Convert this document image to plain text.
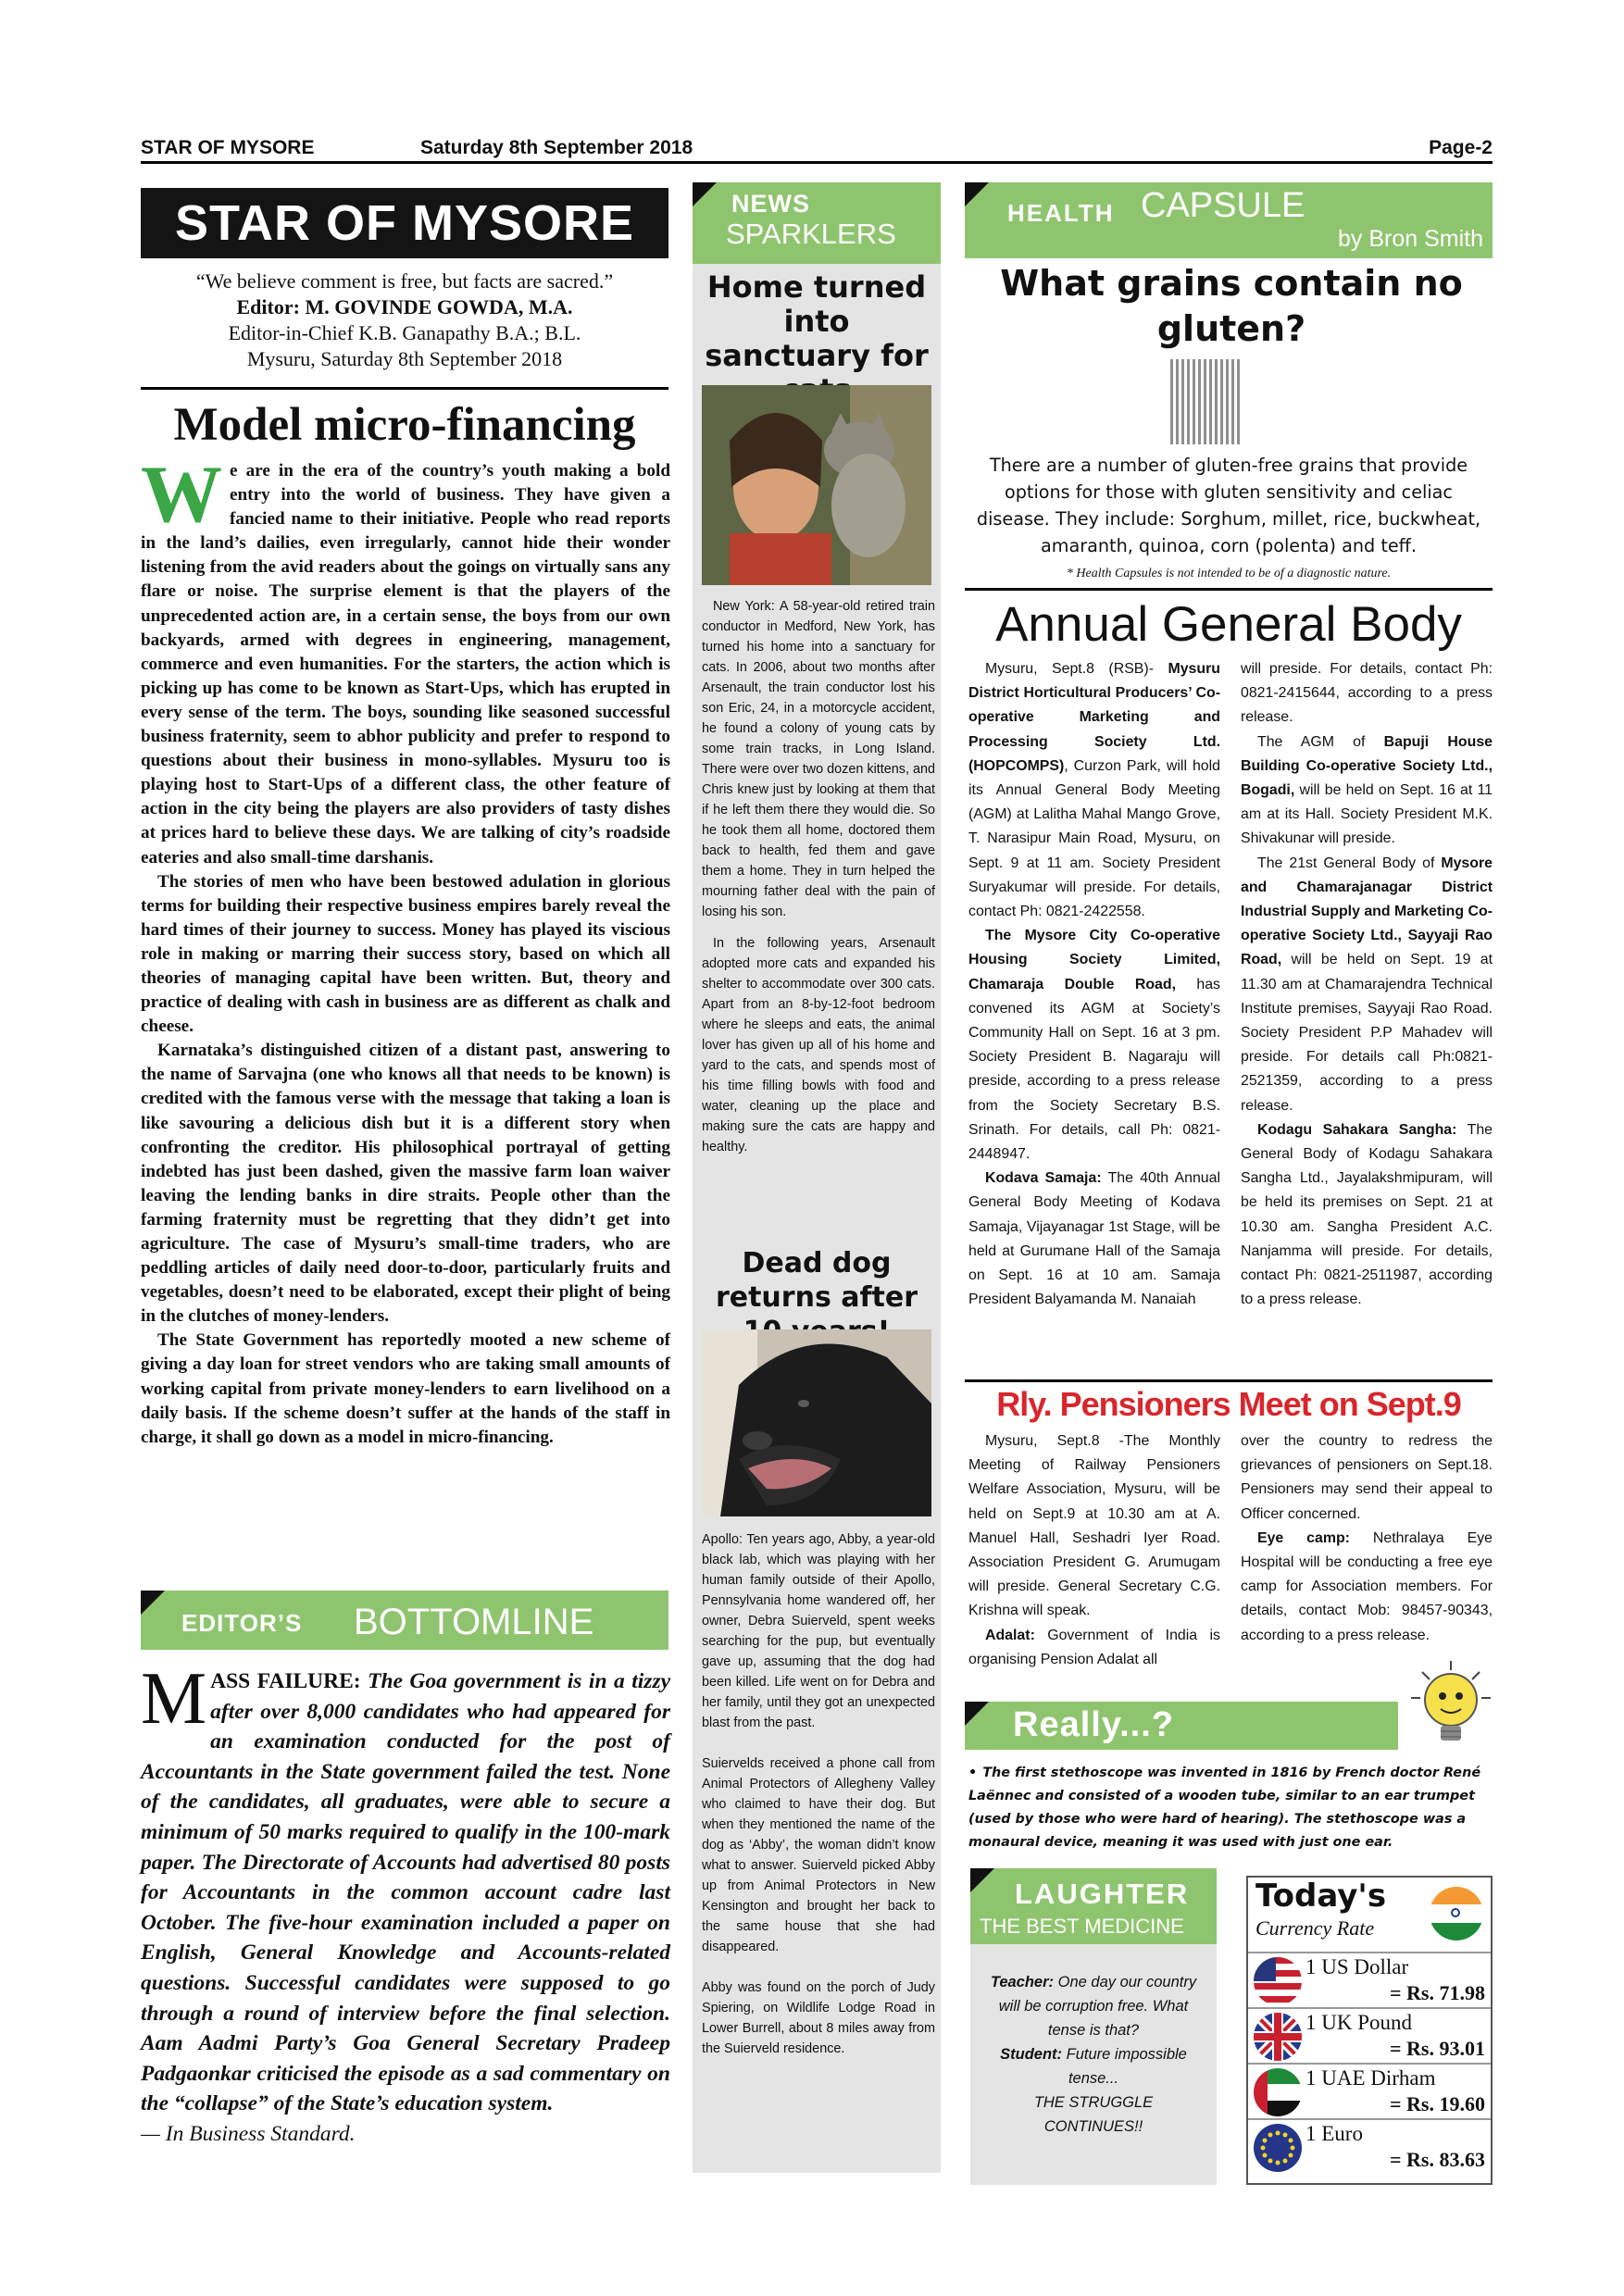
STAR OF MYSORE	Saturday 8th September 2018	Page-2
STAR OF MYSORE
“We believe comment is free, but facts are sacred.”
Editor: M. GOVINDE GOWDA, M.A.
Editor-in-Chief K.B. Ganapathy B.A.; B.L.
Mysuru, Saturday 8th September 2018
Model micro-financing
W e are in the era of the country’s youth making a bold entry into the world of business. They have given a fancied name to their initiative. People who read reports in the land’s dailies, even irregularly, cannot hide their wonder listening from the avid readers about the goings on virtually sans any flare or noise. The surprise element is that the players of the unprecedented action are, in a certain sense, the boys from our own backyards, armed with degrees in engineering, management, commerce and even humanities. For the starters, the action which is picking up has come to be known as Start-Ups, which has erupted in every sense of the term. The boys, sounding like seasoned successful business fraternity, seem to abhor publicity and prefer to respond to questions about their business in mono-syllables. Mysuru too is playing host to Start-Ups of a different class, the other feature of action in the city being the players are also providers of tasty dishes at prices hard to believe these days. We are talking of city’s roadside eateries and also small-time darshanis.

The stories of men who have been bestowed adulation in glorious terms for building their respective business empires barely reveal the hard times of their journey to success. Money has played its viscious role in making or marring their success story, based on which all theories of managing capital have been written. But, theory and practice of dealing with cash in business are as different as chalk and cheese.

Karnataka’s distinguished citizen of a distant past, answering to the name of Sarvajna (one who knows all that needs to be known) is credited with the famous verse with the message that taking a loan is like savouring a delicious dish but it is a different story when confronting the creditor. His philosophical portrayal of getting indebted has just been dashed, given the massive farm loan waiver leaving the lending banks in dire straits. People other than the farming fraternity must be regretting that they didn’t get into agriculture. The case of Mysuru’s small-time traders, who are peddling articles of daily need door-to-door, particularly fruits and vegetables, doesn’t need to be elaborated, except their plight of being in the clutches of money-lenders.

The State Government has reportedly mooted a new scheme of giving a day loan for street vendors who are taking small amounts of working capital from private money-lenders to earn livelihood on a daily basis. If the scheme doesn’t suffer at the hands of the staff in charge, it shall go down as a model in micro-financing.

EDITOR’S BOTTOMLINE
M ASS FAILURE: The Goa government is in a tizzy after over 8,000 candidates who had appeared for an examination conducted for the post of Accountants in the State government failed the test. None of the candidates, all graduates, were able to secure a minimum of 50 marks required to qualify in the 100-mark paper. The Directorate of Accounts had advertised 80 posts for Accountants in the common account cadre last October. The five-hour examination included a paper on English, General Knowledge and Accounts-related questions. Successful candidates were supposed to go through a round of interview before the final selection. Aam Aadmi Party’s Goa General Secretary Pradeep Padgaonkar criticised the episode as a sad commentary on the “collapse” of the State’s education system.
— In Business Standard.
NEWS
SPARKLERS
Home turned into sanctuary for

New York: A 58-year-old retired train conductor in Medford, New York, has turned his home into a sanctuary for cats. In 2006, about two months after Arsenault, the train conductor lost his son Eric, 24, in a motorcycle accident, he found a colony of young cats by some train tracks, in Long Island. There were over two dozen kittens, and Chris knew just by looking at them that if he left them there they would die. So he took them all home, doctored them back to health, fed them and gave them a home. They in turn helped the mourning father deal with the pain of losing his son.

In the following years, Arsenault adopted more cats and expanded his shelter to accommodate over 300 cats. Apart from an 8-by-12-foot bedroom where he sleeps and eats, the animal lover has given up all of his home and yard to the cats, and spends most of his time filling bowls with food and water, cleaning up the place and making sure the cats are happy and healthy.

Dead dog returns after

Apollo: Ten years ago, Abby, a year-old black lab, which was playing with her human family outside of their Apollo, Pennsylvania home wandered off, her owner, Debra Suierveld, spent weeks searching for the pup, but eventually gave up, assuming that the dog had been killed. Life went on for Debra and her family, until they got an unexpected blast from the past.

Suiervelds received a phone call from Animal Protectors of Allegheny Valley who claimed to have their dog. But when they mentioned the name of the dog as ‘Abby’, the woman didn’t know what to answer. Suierveld picked Abby up from Animal Protectors in New Kensington and brought her back to the same house that she had disappeared.

Abby was found on the porch of Judy Spiering, on Wildlife Lodge Road in Lower Burrell, about 8 miles away from the Suierveld residence.

HEALTH CAPSULE
by Bron Smith
What grains contain no gluten?
There are a number of gluten-free grains that provide options for those with gluten sensitivity and celiac disease. They include: Sorghum, millet, rice, buckwheat, amaranth, quinoa, corn (polenta) and teff.
* Health Capsules is not intended to be of a diagnostic nature.
Annual General Body

Mysuru, Sept.8 (RSB)- Mysuru District Horticultural Producers’ Co-operative Marketing and Processing Society Ltd. (HOPCOMPS), Curzon Park, will hold its Annual General Body Meeting (AGM) at Lalitha Mahal Mango Grove, T. Narasipur Main Road, Mysuru, on Sept. 9 at 11 am. Society President Suryakumar will preside. For details, contact Ph: 0821-2422558.

The Mysore City Co-operative Housing Society Limited, Chamaraja Double Road, has convened its AGM at Society’s Community Hall on Sept. 16 at 3 pm. Society President B. Nagaraju will preside, according to a press release from the Society Secretary B.S. Srinath. For details, call Ph: 0821-2448947.

Kodava Samaja: The 40th Annual General Body Meeting of Kodava Samaja, Vijayanagar 1st Stage, will be held at Gurumane Hall of the Samaja on Sept. 16 at 10 am. Samaja President Balyamanda M. Nanaiah

will preside. For details, contact Ph: 0821-2415644, according to a press release.

The AGM of Bapuji House Building Co-operative Society Ltd., Bogadi, will be held on Sept. 16 at 11 am at its Hall. Society President M.K. Shivakunar will preside.

The 21st General Body of Mysore and Chamarajanagar District Industrial Supply and Marketing Co-operative Society Ltd., Sayyaji Rao Road, will be held on Sept. 19 at 11.30 am at Chamarajendra Technical Institute premises, Sayyaji Rao Road. Society President P.P Mahadev will preside. For details call Ph:0821-2521359, according to a press release.

Kodagu Sahakara Sangha: The General Body of Kodagu Sahakara Sangha Ltd., Jayalakshmipuram, will be held its premises on Sept. 21 at 10.30 am. Sangha President A.C. Nanjamma will preside. For details, contact Ph: 0821-2511987, according to a press release.

Rly. Pensioners Meet on Sept.9

Mysuru, Sept.8 -The Monthly Meeting of Railway Pensioners Welfare Association, Mysuru, will be held on Sept.9 at 10.30 am at A. Manuel Hall, Seshadri Iyer Road. Association President G. Arumugam will preside. General Secretary C.G. Krishna will speak.

Adalat: Government of India is organising Pension Adalat all

over the country to redress the grievances of pensioners on Sept.18. Pensioners may send their appeal to Officer concerned.

Eye camp: Nethralaya Eye Hospital will be conducting a free eye camp for Association members. For details, contact Mob: 98457-90343, according to a press release.

Really...?
• The first stethoscope was invented in 1816 by French doctor René Laënnec and consisted of a wooden tube, similar to an ear trumpet (used by those who were hard of hearing). The stethoscope was a monaural device, meaning it was used with just one ear.
LAUGHTER
THE BEST MEDICINE
Teacher: One day our country will be corruption free. What tense is that?
Student: Future impossible tense...
THE STRUGGLE CONTINUES!!
Today's
Currency Rate
1 US Dollar
= Rs. 71.98
1 UK Pound
= Rs. 93.01
1 UAE Dirham
= Rs. 19.60
1 Euro
= Rs. 83.63
